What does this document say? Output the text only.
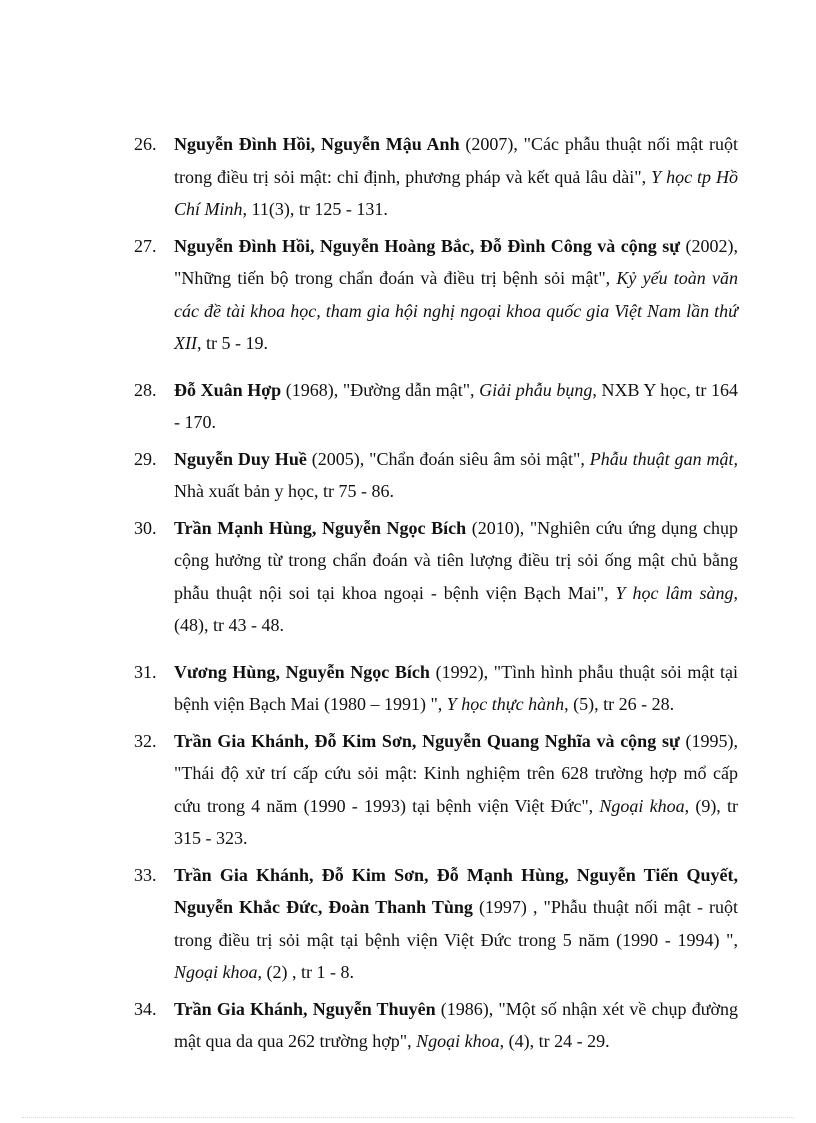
26. Nguyễn Đình Hồi, Nguyễn Mậu Anh (2007), "Các phẫu thuật nối mật ruột trong điều trị sỏi mật: chỉ định, phương pháp và kết quả lâu dài", Y học tp Hồ Chí Minh, 11(3), tr 125 - 131.
27. Nguyễn Đình Hồi, Nguyễn Hoàng Bắc, Đỗ Đình Công và cộng sự (2002), "Những tiến bộ trong chẩn đoán và điều trị bệnh sỏi mật", Kỷ yếu toàn văn các đề tài khoa học, tham gia hội nghị ngoại khoa quốc gia Việt Nam lần thứ XII, tr 5 - 19.
28. Đỗ Xuân Hợp (1968), "Đường dẫn mật", Giải phẫu bụng, NXB Y học, tr 164 - 170.
29. Nguyễn Duy Huề (2005), "Chẩn đoán siêu âm sỏi mật", Phẫu thuật gan mật, Nhà xuất bản y học, tr 75 - 86.
30. Trần Mạnh Hùng, Nguyễn Ngọc Bích (2010), "Nghiên cứu ứng dụng chụp cộng hưởng từ trong chẩn đoán và tiên lượng điều trị sỏi ống mật chủ bằng phẫu thuật nội soi tại khoa ngoại - bệnh viện Bạch Mai", Y học lâm sàng, (48), tr 43 - 48.
31. Vương Hùng, Nguyễn Ngọc Bích (1992), "Tình hình phẫu thuật sỏi mật tại bệnh viện Bạch Mai (1980 – 1991) ", Y học thực hành, (5), tr 26 - 28.
32. Trần Gia Khánh, Đỗ Kim Sơn, Nguyễn Quang Nghĩa và cộng sự (1995), "Thái độ xử trí cấp cứu sỏi mật: Kinh nghiệm trên 628 trường hợp mổ cấp cứu trong 4 năm (1990 - 1993) tại bệnh viện Việt Đức", Ngoại khoa, (9), tr 315 - 323.
33. Trần Gia Khánh, Đỗ Kim Sơn, Đỗ Mạnh Hùng, Nguyễn Tiến Quyết, Nguyễn Khắc Đức, Đoàn Thanh Tùng (1997) , "Phẫu thuật nối mật - ruột trong điều trị sỏi mật tại bệnh viện Việt Đức trong 5 năm (1990 - 1994) ", Ngoại khoa, (2) , tr 1 - 8.
34. Trần Gia Khánh, Nguyễn Thuyên (1986), "Một số nhận xét về chụp đường mật qua da qua 262 trường hợp", Ngoại khoa, (4), tr 24 - 29.
